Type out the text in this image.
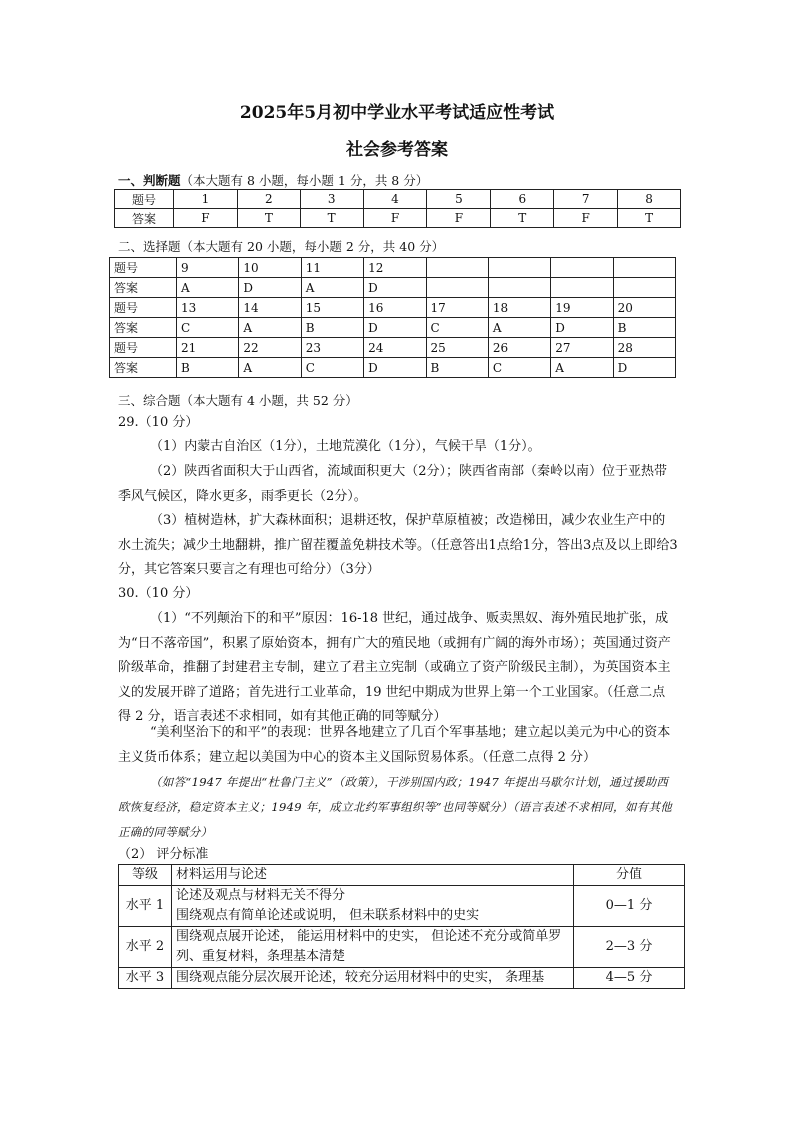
2025年5月初中学业水平考试适应性考试
社会参考答案
一、判断题（本大题有 8 小题，每小题 1 分，共 8 分）
题号	1	2	3	4	5	6	7	8
答案	F	T	T	F	F	T	F	T
二、选择题（本大题有 20 小题，每小题 2 分，共 40 分）
题号	9	10	11	12				
答案	A	D	A	D				
题号	13	14	15	16	17	18	19	20
答案	C	A	B	D	C	A	D	B
题号	21	22	23	24	25	26	27	28
答案	B	A	C	D	B	C	A	D
三、综合题（本大题有 4 小题，共 52 分）
29.（10 分）
（1）内蒙古自治区（1分），土地荒漠化（1分），气候干旱（1分）。
（2）陕西省面积大于山西省，流域面积更大（2分）；陕西省南部（秦岭以南）位于亚热带季风气候区，降水更多，雨季更长（2分）。
（3）植树造林，扩大森林面积；退耕还牧，保护草原植被；改造梯田，减少农业生产中的水土流失；减少土地翻耕，推广留茬覆盖免耕技术等。（任意答出1点给1分，答出3点及以上即给3分，其它答案只要言之有理也可给分）（3分）
30.（10 分）
（1）“不列颠治下的和平”原因：16-18 世纪，通过战争、贩卖黑奴、海外殖民地扩张，成为“日不落帝国”，积累了原始资本，拥有广大的殖民地（或拥有广阔的海外市场）；英国通过资产阶级革命，推翻了封建君主专制，建立了君主立宪制（或确立了资产阶级民主制），为英国资本主义的发展开辟了道路；首先进行工业革命，19 世纪中期成为世界上第一个工业国家。（任意二点得 2 分，语言表述不求相同，如有其他正确的同等赋分）
“美利坚治下的和平”的表现：世界各地建立了几百个军事基地；建立起以美元为中心的资本主义货币体系；建立起以美国为中心的资本主义国际贸易体系。（任意二点得 2 分）
（如答“1947 年提出“杜鲁门主义”（政策），干涉别国内政；1947 年提出马歇尔计划，通过援助西欧恢复经济，稳定资本主义；1949 年，成立北约军事组织等”也同等赋分）（语言表述不求相同，如有其他正确的同等赋分）
（2） 评分标准
等级	材料运用与论述	分值
水平 1	论述及观点与材料无关不得分
围绕观点有简单论述或说明， 但未联系材料中的史实	0—1 分
水平 2	围绕观点展开论述， 能运用材料中的史实， 但论述不充分或简单罗列、重复材料，条理基本清楚	2—3 分
水平 3	围绕观点能分层次展开论述，较充分运用材料中的史实， 条理基	4—5 分
